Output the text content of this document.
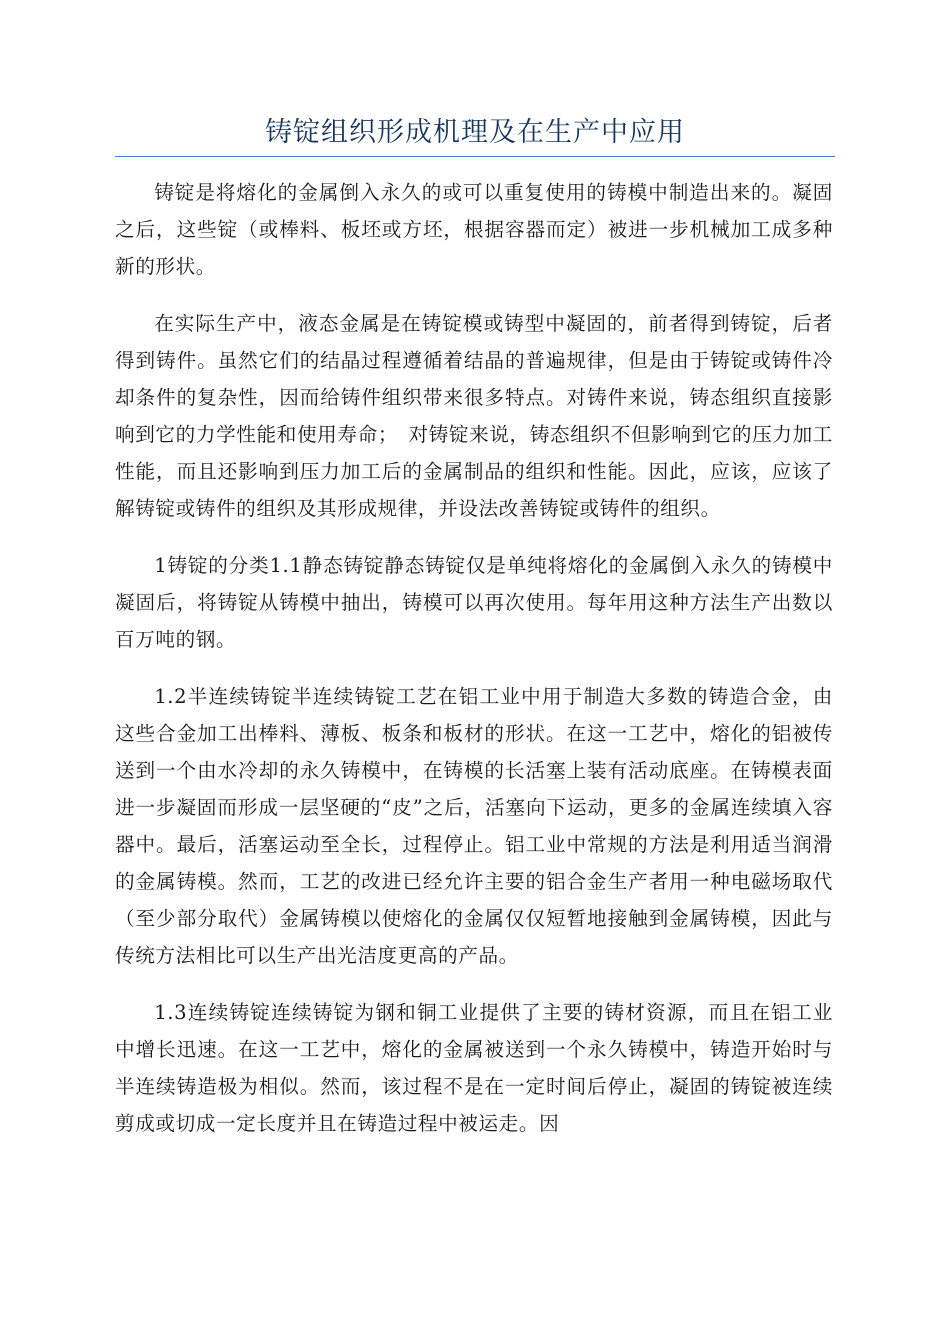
铸锭组织形成机理及在生产中应用

铸锭是将熔化的金属倒入永久的或可以重复使用的铸模中制造出来的。凝固之后，这些锭（或棒料、板坯或方坯，根据容器而定）被进一步机械加工成多种新的形状。

在实际生产中，液态金属是在铸锭模或铸型中凝固的，前者得到铸锭，后者得到铸件。虽然它们的结晶过程遵循着结晶的普遍规律，但是由于铸锭或铸件冷却条件的复杂性，因而给铸件组织带来很多特点。对铸件来说，铸态组织直接影响到它的力学性能和使用寿命；　对铸锭来说，铸态组织不但影响到它的压力加工性能，而且还影响到压力加工后的金属制品的组织和性能。因此，应该，应该了解铸锭或铸件的组织及其形成规律，并设法改善铸锭或铸件的组织。

1铸锭的分类1.1静态铸锭静态铸锭仅是单纯将熔化的金属倒入永久的铸模中凝固后，将铸锭从铸模中抽出，铸模可以再次使用。每年用这种方法生产出数以百万吨的钢。

1.2半连续铸锭半连续铸锭工艺在铝工业中用于制造大多数的铸造合金，由这些合金加工出棒料、薄板、板条和板材的形状。在这一工艺中，熔化的铝被传送到一个由水冷却的永久铸模中，在铸模的长活塞上装有活动底座。在铸模表面进一步凝固而形成一层坚硬的“皮”之后，活塞向下运动，更多的金属连续填入容器中。最后，活塞运动至全长，过程停止。铝工业中常规的方法是利用适当润滑的金属铸模。然而，工艺的改进已经允许主要的铝合金生产者用一种电磁场取代（至少部分取代）金属铸模以使熔化的金属仅仅短暂地接触到金属铸模，因此与传统方法相比可以生产出光洁度更高的产品。

1.3连续铸锭连续铸锭为钢和铜工业提供了主要的铸材资源，而且在铝工业中增长迅速。在这一工艺中，熔化的金属被送到一个永久铸模中，铸造开始时与半连续铸造极为相似。然而，该过程不是在一定时间后停止，凝固的铸锭被连续剪成或切成一定长度并且在铸造过程中被运走。因
